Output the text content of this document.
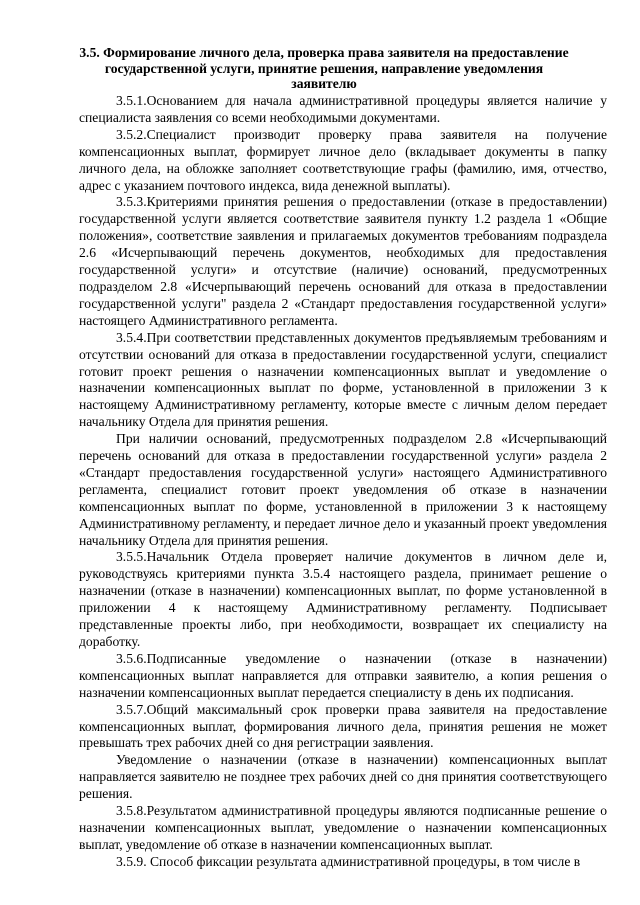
3.5. Формирование личного дела, проверка права заявителя на предоставление государственной услуги, принятие решения, направление уведомления заявителю

3.5.1.Основанием для начала административной процедуры является наличие у специалиста заявления со всеми необходимыми документами.

3.5.2.Специалист производит проверку права заявителя на получение компенсационных выплат, формирует личное дело (вкладывает документы в папку личного дела, на обложке заполняет соответствующие графы (фамилию, имя, отчество, адрес с указанием почтового индекса, вида денежной выплаты).

3.5.3.Критериями принятия решения о предоставлении (отказе в предоставлении) государственной услуги является соответствие заявителя пункту 1.2 раздела 1 «Общие положения», соответствие заявления и прилагаемых документов требованиям подраздела 2.6 «Исчерпывающий перечень документов, необходимых для предоставления государственной услуги» и отсутствие (наличие) оснований, предусмотренных подразделом 2.8 «Исчерпывающий перечень оснований для отказа в предоставлении государственной услуги" раздела 2 «Стандарт предоставления государственной услуги» настоящего Административного регламента.

3.5.4.При соответствии представленных документов предъявляемым требованиям и отсутствии оснований для отказа в предоставлении государственной услуги, специалист готовит проект решения о назначении компенсационных выплат и уведомление о назначении компенсационных выплат по форме, установленной в приложении 3 к настоящему Административному регламенту, которые вместе с личным делом передает начальнику Отдела для принятия решения.

При наличии оснований, предусмотренных подразделом 2.8 «Исчерпывающий перечень оснований для отказа в предоставлении государственной услуги» раздела 2 «Стандарт предоставления государственной услуги» настоящего Административного регламента, специалист готовит проект уведомления об отказе в назначении компенсационных выплат по форме, установленной в приложении 3 к настоящему Административному регламенту, и передает личное дело и указанный проект уведомления начальнику Отдела для принятия решения.

3.5.5.Начальник Отдела проверяет наличие документов в личном деле и, руководствуясь критериями пункта 3.5.4 настоящего раздела, принимает решение о назначении (отказе в назначении) компенсационных выплат, по форме установленной в приложении 4 к настоящему Административному регламенту. Подписывает представленные проекты либо, при необходимости, возвращает их специалисту на доработку.

3.5.6.Подписанные уведомление о назначении (отказе в назначении) компенсационных выплат направляется для отправки заявителю, а копия решения о назначении компенсационных выплат передается специалисту в день их подписания.

3.5.7.Общий максимальный срок проверки права заявителя на предоставление компенсационных выплат, формирования личного дела, принятия решения не может превышать трех рабочих дней со дня регистрации заявления.

Уведомление о назначении (отказе в назначении) компенсационных выплат направляется заявителю не позднее трех рабочих дней со дня принятия соответствующего решения.

3.5.8.Результатом административной процедуры являются подписанные решение о назначении компенсационных выплат, уведомление о назначении компенсационных выплат, уведомление об отказе в назначении компенсационных выплат.

3.5.9. Способ фиксации результата административной процедуры, в том числе в
